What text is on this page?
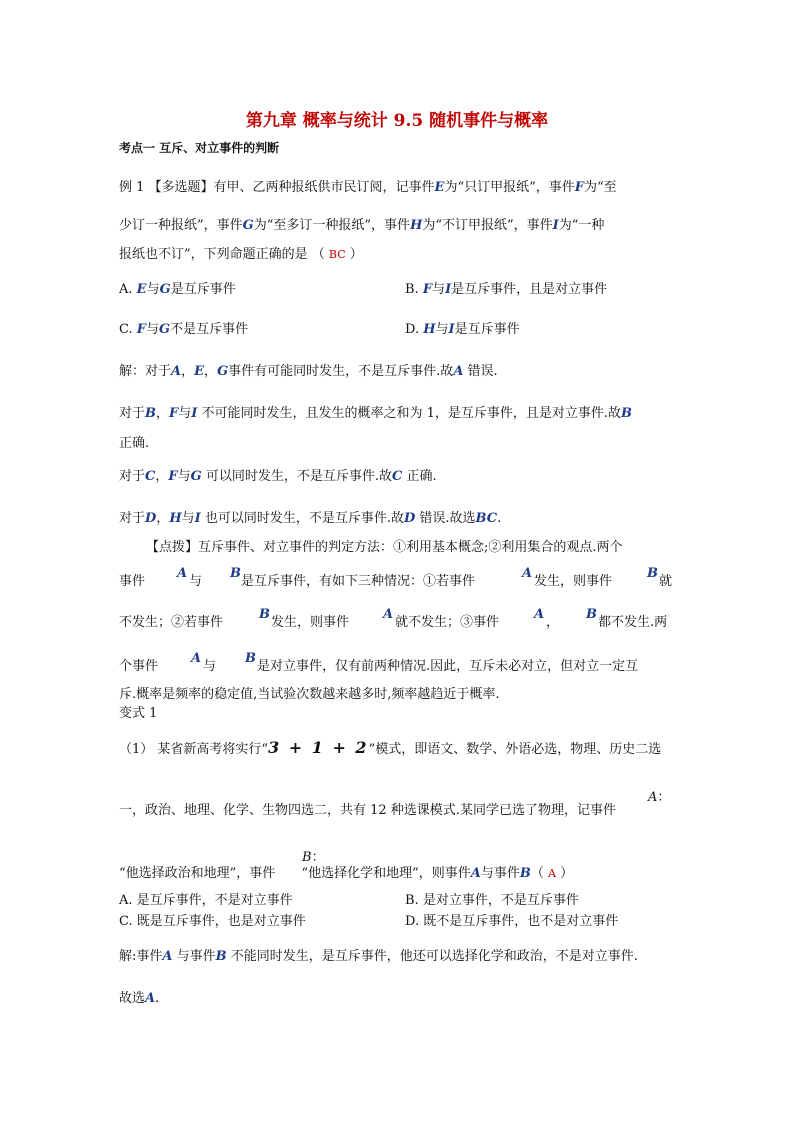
第九章 概率与统计 9.5 随机事件与概率
考点一 互斥、对立事件的判断
例 1 【多选题】有甲、乙两种报纸供市民订阅，记事件E为“只订甲报纸”，事件F为“至
少订一种报纸”，事件G为“至多订一种报纸”，事件H为“不订甲报纸”，事件I为“一种
报纸也不订”，下列命题正确的是 （ BC ）
A. E与G是互斥事件	B. F与I是互斥事件，且是对立事件
C. F与G不是互斥事件	D. H与I是互斥事件
解：对于A，E，G事件有可能同时发生，不是互斥事件.故A 错误.
对于B，F与I 不可能同时发生，且发生的概率之和为 1，是互斥事件，且是对立事件.故B
正确.
对于C，F与G 可以同时发生，不是互斥事件.故C 正确.
对于D，H与I 也可以同时发生，不是互斥事件.故D 错误.故选BC.
【点拨】互斥事件、对立事件的判定方法：①利用基本概念;②利用集合的观点.两个
事件
A
与
B
是互斥事件，有如下三种情况：①若事件
A
发生，则事件
B
就
不发生；②若事件
B
发生，则事件
A
就不发生；③事件
A
，
B
都不发生.两
个事件
A
与
B
是对立事件，仅有前两种情况.因此，互斥未必对立，但对立一定互
斥.概率是频率的稳定值,当试验次数越来越多时,频率越趋近于概率.
变式 1
（1） 某省新高考将实行“3 + 1 + 2”模式，即语文、数学、外语必选，物理、历史二选
A：
一，政治、地理、化学、生物四选二，共有 12 种选课模式.某同学已选了物理，记事件
B：
“他选择政治和地理”，事件 “他选择化学和地理”，则事件A与事件B（ A ）
A. 是互斥事件，不是对立事件	B. 是对立事件，不是互斥事件
C. 既是互斥事件，也是对立事件	D. 既不是互斥事件，也不是对立事件
解:事件A 与事件B 不能同时发生，是互斥事件，他还可以选择化学和政治，不是对立事件.
故选A.
